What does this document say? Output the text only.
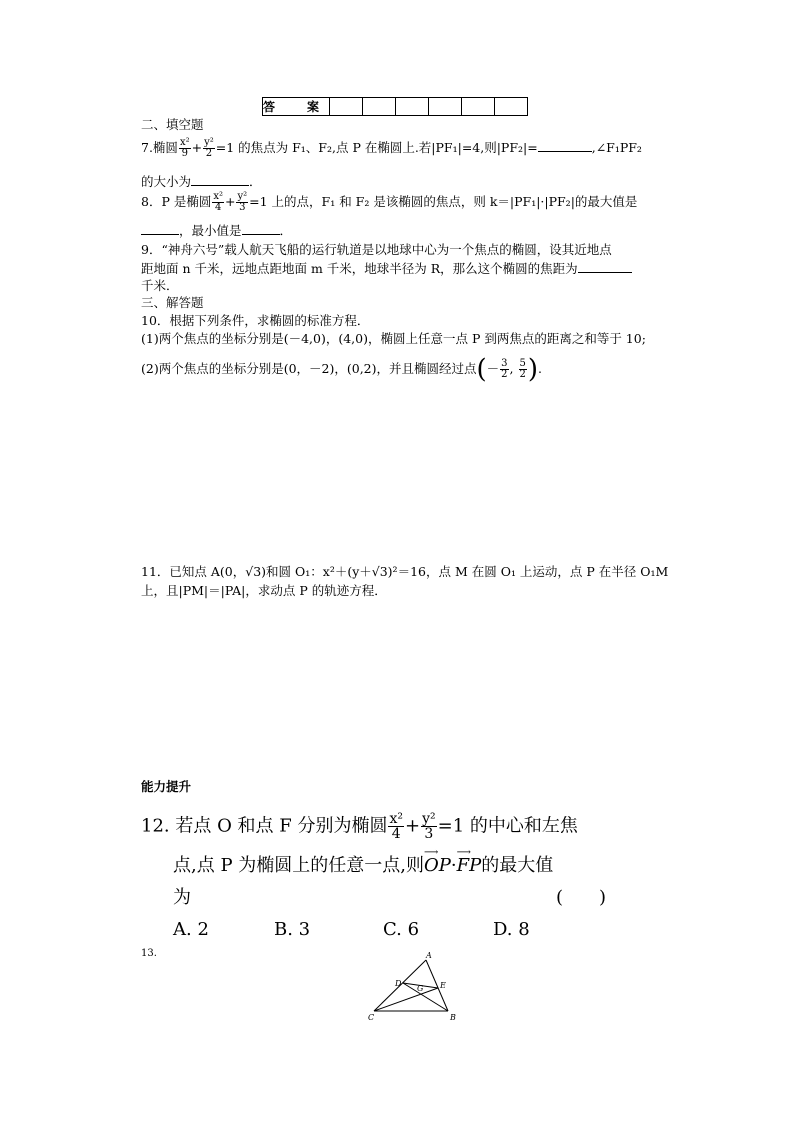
答　案						
二、填空题
7.椭圆 $\frac{\text{x²}}{9} + \frac{\text{y²}}{2} =1$ 的焦点为 F₁、F₂,点 P 在椭圆上.若|PF₁|=4,则|PF₂|=	,∠F₁PF₂
的大小为	．
8．P 是椭圆 $\frac{\text{x²}}{4} + \frac{\text{y²}}{3} =1$ 上的点，F₁ 和 F₂ 是该椭圆的焦点，则 k＝|PF₁|·|PF₂|的最大值是
，最小值是	．
9．“神舟六号”载人航天飞船的运行轨道是以地球中心为一个焦点的椭圆，设其近地点
距地面 n 千米，远地点距地面 m 千米，地球半径为 R，那么这个椭圆的焦距为
千米．
三、解答题
10．根据下列条件，求椭圆的标准方程．
(1)两个焦点的坐标分别是(－4,0)，(4,0)，椭圆上任意一点 P 到两焦点的距离之和等于 10;
(2)两个焦点的坐标分别是(0，－2)，(0,2)，并且椭圆经过点(－ $\frac{3}{2}$ , $\frac{5}{2}$ ).
11．已知点 A(0，√3)和圆 O₁：x²＋(y＋√3)²＝16，点 M 在圆 O₁ 上运动，点 P 在半径 O₁M
上，且|PM|＝|PA|，求动点 P 的轨迹方程．
能力提升
12. 若点 O 和点 F 分别为椭圆 $\frac{\text{x²}}{4} + \frac{\text{y²}}{3} =1$ 的中心和左焦
点,点 P 为椭圆上的任意一点,则
⟶
OP·
⟶
FP的最大值
为	(　　)
A. 2	B. 3	C. 6	D. 8
13.	A
B
C
D	E
G
